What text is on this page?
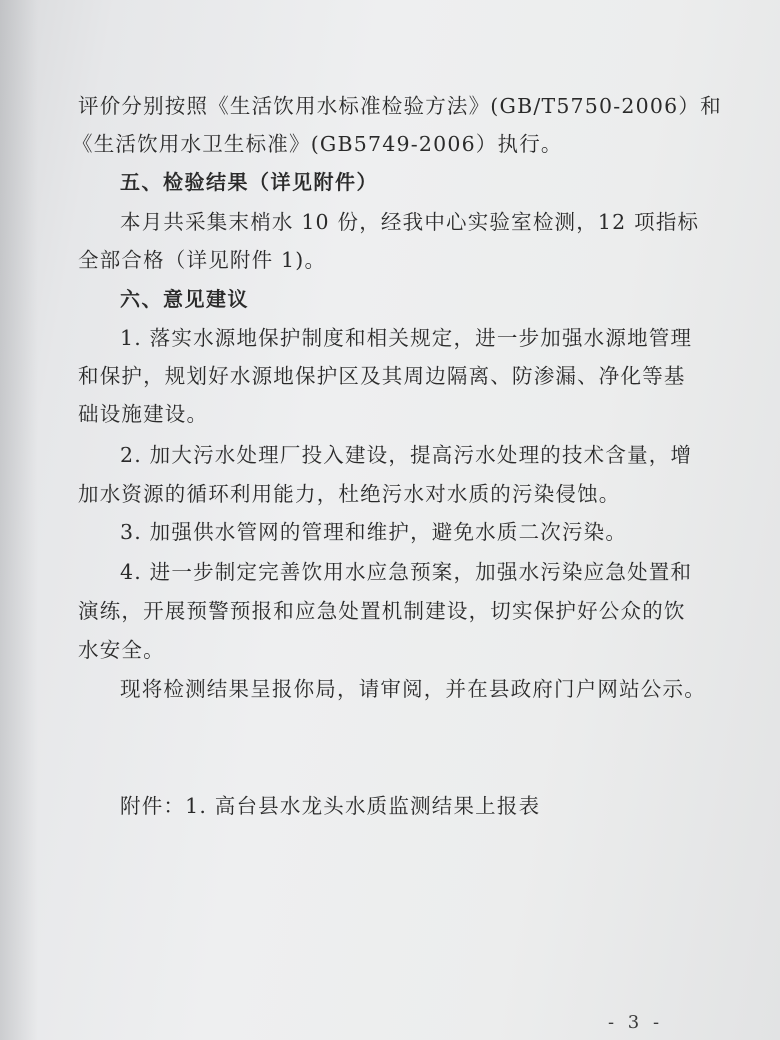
评价分别按照《生活饮用水标准检验方法》(GB/T5750-2006）和
《生活饮用水卫生标准》(GB5749-2006）执行。
五、检验结果（详见附件）
本月共采集末梢水 10 份，经我中心实验室检测，12 项指标
全部合格（详见附件 1)。
六、意见建议
1. 落实水源地保护制度和相关规定，进一步加强水源地管理
和保护，规划好水源地保护区及其周边隔离、防渗漏、净化等基
础设施建设。
2. 加大污水处理厂投入建设，提高污水处理的技术含量，增
加水资源的循环利用能力，杜绝污水对水质的污染侵蚀。
3. 加强供水管网的管理和维护，避免水质二次污染。
4. 进一步制定完善饮用水应急预案，加强水污染应急处置和
演练，开展预警预报和应急处置机制建设，切实保护好公众的饮
水安全。
现将检测结果呈报你局，请审阅，并在县政府门户网站公示。
附件：1. 高台县水龙头水质监测结果上报表
- 3 -
